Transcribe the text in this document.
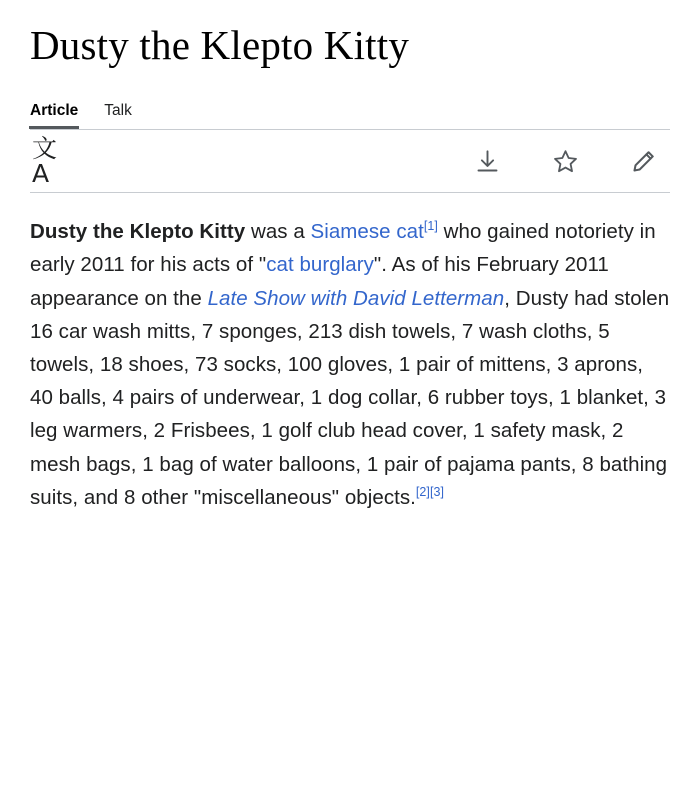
Dusty the Klepto Kitty
Article Talk
文A

Dusty the Klepto Kitty was a Siamese cat[1] who gained notoriety in early 2011 for his acts of "cat burglary". As of his February 2011 appearance on the Late Show with David Letterman, Dusty had stolen 16 car wash mitts, 7 sponges, 213 dish towels, 7 wash cloths, 5 towels, 18 shoes, 73 socks, 100 gloves, 1 pair of mittens, 3 aprons, 40 balls, 4 pairs of underwear, 1 dog collar, 6 rubber toys, 1 blanket, 3 leg warmers, 2 Frisbees, 1 golf club head cover, 1 safety mask, 2 mesh bags, 1 bag of water balloons, 1 pair of pajama pants, 8 bathing suits, and 8 other "miscellaneous" objects.[2][3]
